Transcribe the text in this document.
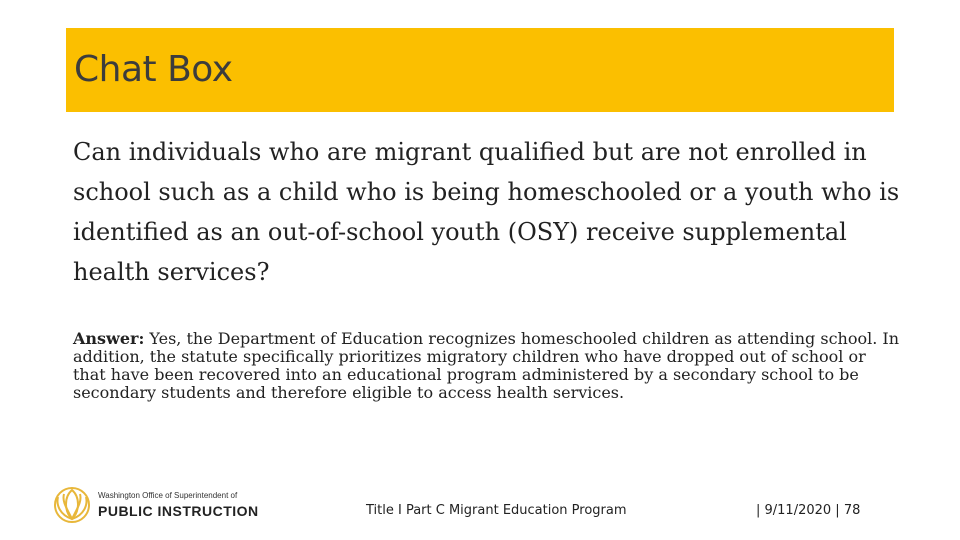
Chat Box

Can individuals who are migrant qualified but are not enrolled in school such as a child who is being homeschooled or a youth who is identified as an out-of-school youth (OSY) receive supplemental health services?

Answer: Yes, the Department of Education recognizes homeschooled children as attending school. In addition, the statute specifically prioritizes migratory children who have dropped out of school or that have been recovered into an educational program administered by a secondary school to be secondary students and therefore eligible to access health services.

Washington Office of Superintendent of
PUBLIC INSTRUCTION	Title I Part C Migrant Education Program	| 9/11/2020 | 78
